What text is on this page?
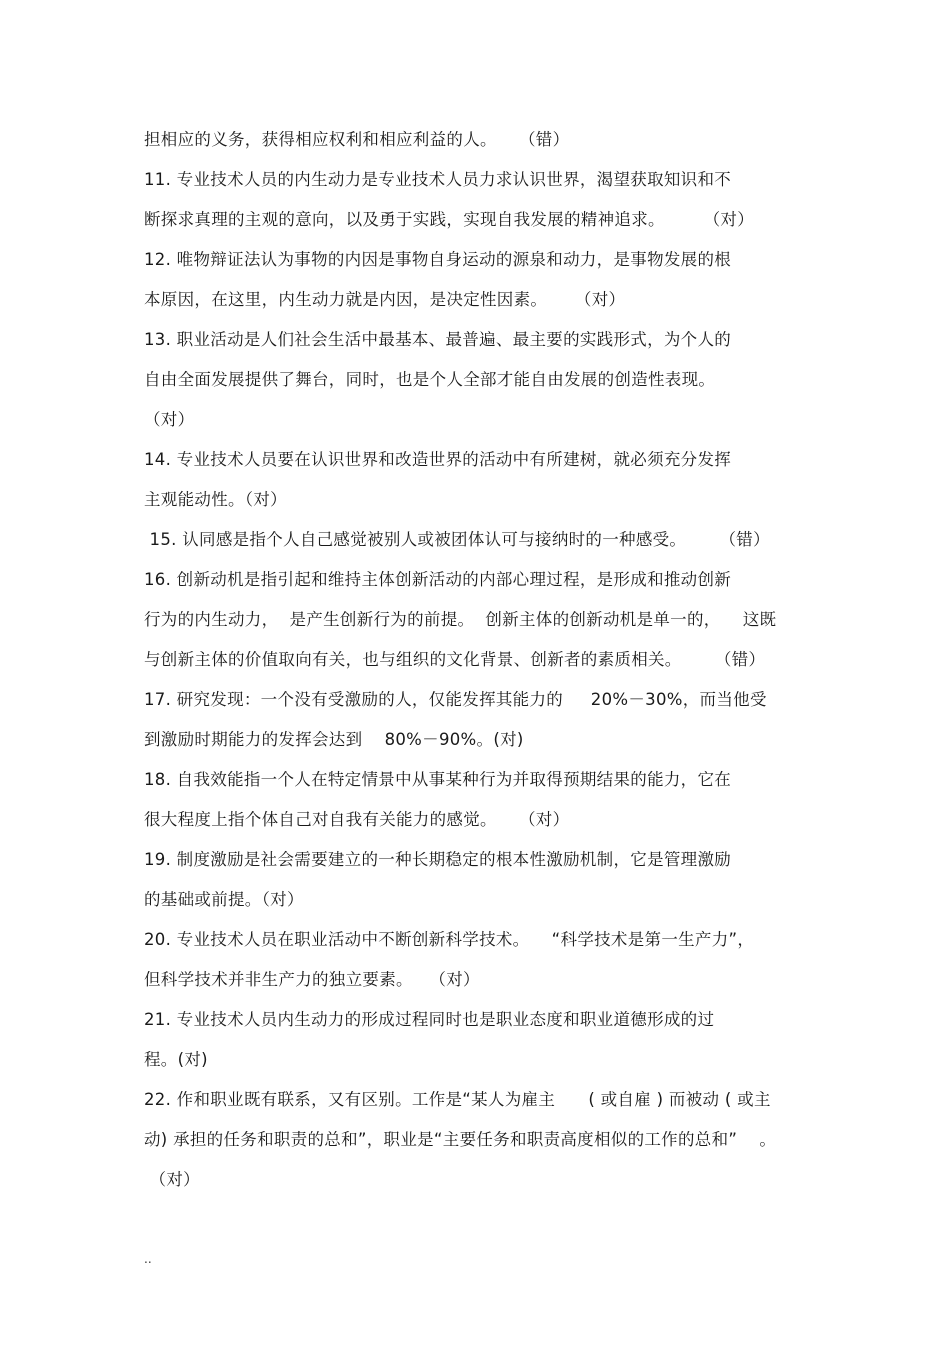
担相应的义务，获得相应权利和相应利益的人。    （错）
11. 专业技术人员的内生动力是专业技术人员力求认识世界，渴望获取知识和不
断探求真理的主观的意向，以及勇于实践，实现自我发展的精神追求。       （对）
12. 唯物辩证法认为事物的内因是事物自身运动的源泉和动力，是事物发展的根
本原因，在这里，内生动力就是内因，是决定性因素。     （对）
13. 职业活动是人们社会生活中最基本、最普遍、最主要的实践形式，为个人的
自由全面发展提供了舞台，同时，也是个人全部才能自由发展的创造性表现。
（对）
14. 专业技术人员要在认识世界和改造世界的活动中有所建树，就必须充分发挥
主观能动性。（对）
15. 认同感是指个人自己感觉被别人或被团体认可与接纳时的一种感受。      （错）
16. 创新动机是指引起和维持主体创新活动的内部心理过程，是形成和推动创新
行为的内生动力，  是产生创新行为的前提。  创新主体的创新动机是单一的，    这既
与创新主体的价值取向有关，也与组织的文化背景、创新者的素质相关。      （错）
17. 研究发现：一个没有受激励的人，仅能发挥其能力的     20%－30%，而当他受
到激励时期能力的发挥会达到    80%－90%。(对)
18. 自我效能指一个人在特定情景中从事某种行为并取得预期结果的能力，它在
很大程度上指个体自己对自我有关能力的感觉。    （对）
19. 制度激励是社会需要建立的一种长期稳定的根本性激励机制，它是管理激励
的基础或前提。（对）
20. 专业技术人员在职业活动中不断创新科学技术。    “科学技术是第一生产力”，
但科学技术并非生产力的独立要素。   （对）
21. 专业技术人员内生动力的形成过程同时也是职业态度和职业道德形成的过
程。(对)
22. 作和职业既有联系，又有区别。工作是“某人为雇主      ( 或自雇 ) 而被动 ( 或主
动) 承担的任务和职责的总和”，职业是“主要任务和职责高度相似的工作的总和”    。
（对）
..
